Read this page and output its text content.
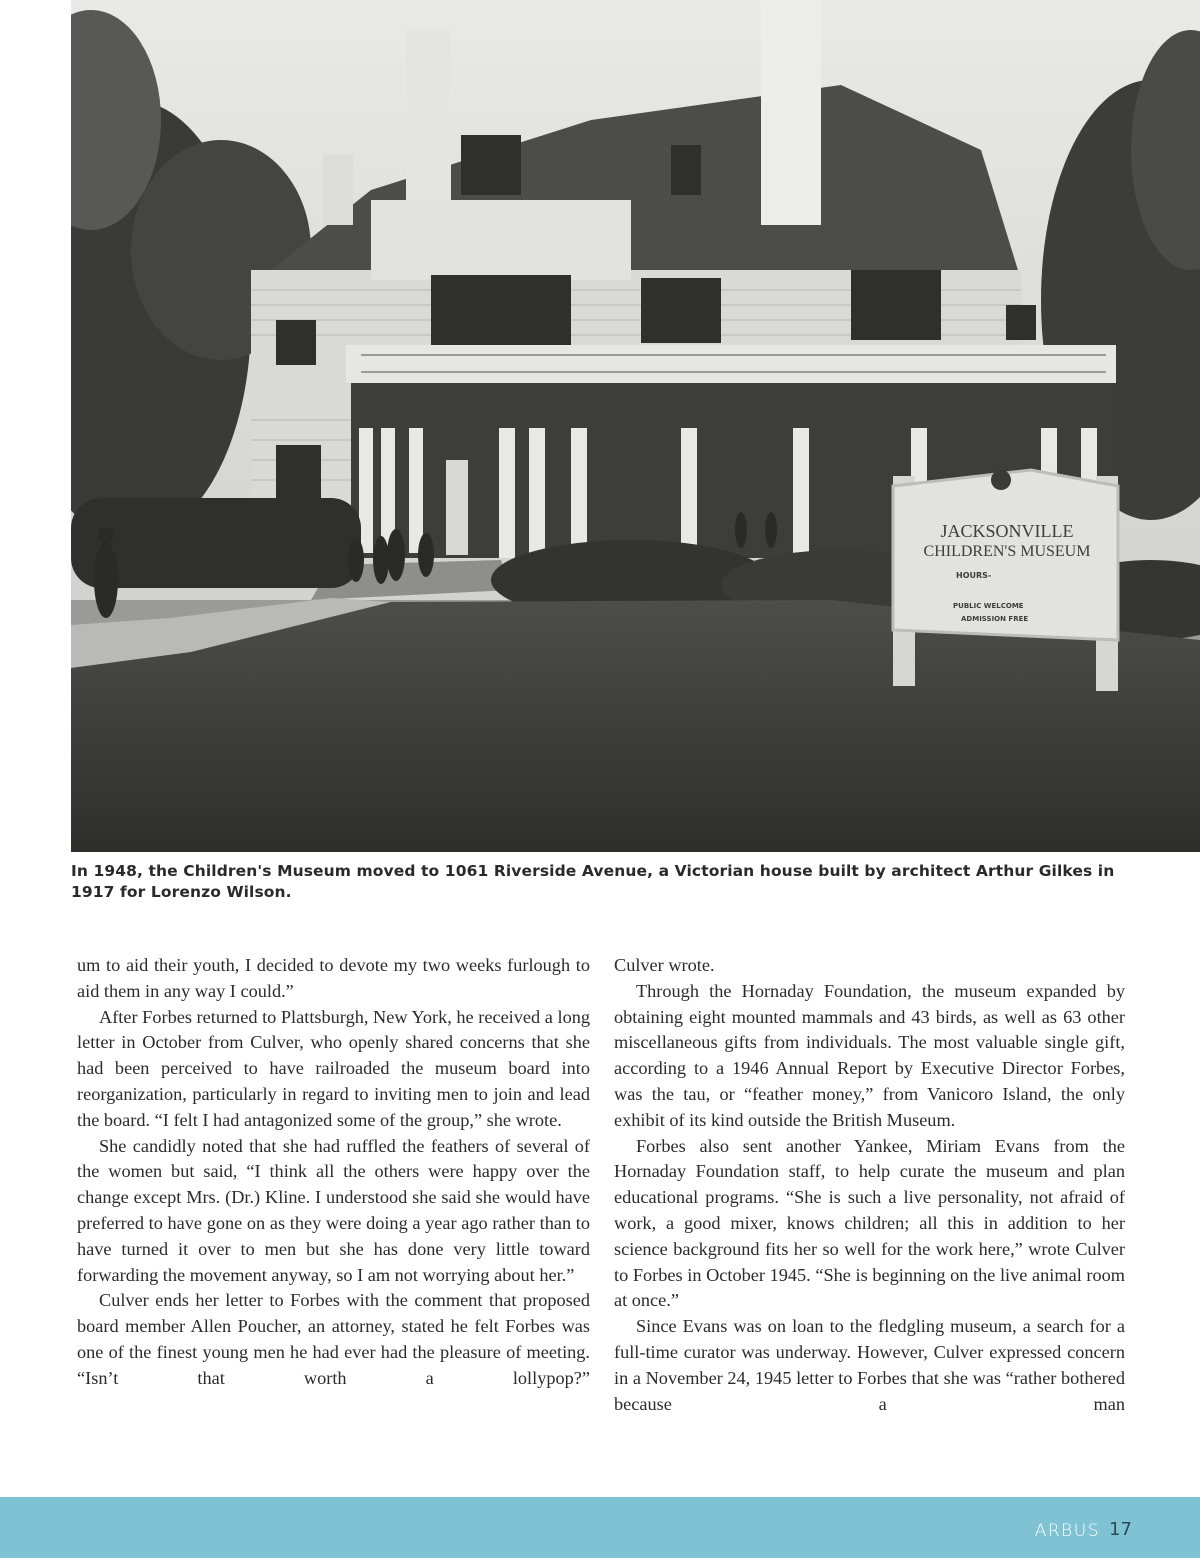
JACKSONVILLE
CHILDREN'S MUSEUM
HOURS-
PUBLIC WELCOME
ADMISSION FREE
In 1948, the Children's Museum moved to 1061 Riverside Avenue, a Victorian house built by architect Arthur Gilkes in 1917 for Lorenzo Wilson.

um to aid their youth, I decided to devote my two weeks furlough to aid them in any way I could.”

After Forbes returned to Plattsburgh, New York, he received a long letter in October from Culver, who openly shared concerns that she had been perceived to have railroaded the museum board into reorganization, particularly in regard to inviting men to join and lead the board. “I felt I had antagonized some of the group,” she wrote.

She candidly noted that she had ruffled the feathers of several of the women but said, “I think all the others were happy over the change except Mrs. (Dr.) Kline. I understood she said she would have preferred to have gone on as they were doing a year ago rather than to have turned it over to men but she has done very little toward forwarding the movement anyway, so I am not worrying about her.”

Culver ends her letter to Forbes with the comment that proposed board member Allen Poucher, an attorney, stated he felt Forbes was one of the finest young men he had ever had the pleasure of meeting. “Isn’t that worth a lollypop?”

Culver wrote.

Through the Hornaday Foundation, the museum expanded by obtaining eight mounted mammals and 43 birds, as well as 63 other miscellaneous gifts from individuals. The most valuable single gift, according to a 1946 Annual Report by Executive Director Forbes, was the tau, or “feather money,” from Vanicoro Island, the only exhibit of its kind outside the British Museum.

Forbes also sent another Yankee, Miriam Evans from the Hornaday Foundation staff, to help curate the museum and plan educational programs. “She is such a live personality, not afraid of work, a good mixer, knows children; all this in addition to her science background fits her so well for the work here,” wrote Culver to Forbes in October 1945. “She is beginning on the live animal room at once.”

Since Evans was on loan to the fledgling museum, a search for a full-time curator was underway. However, Culver expressed concern in a November 24, 1945 letter to Forbes that she was “rather bothered because a man

ARBUS 17
